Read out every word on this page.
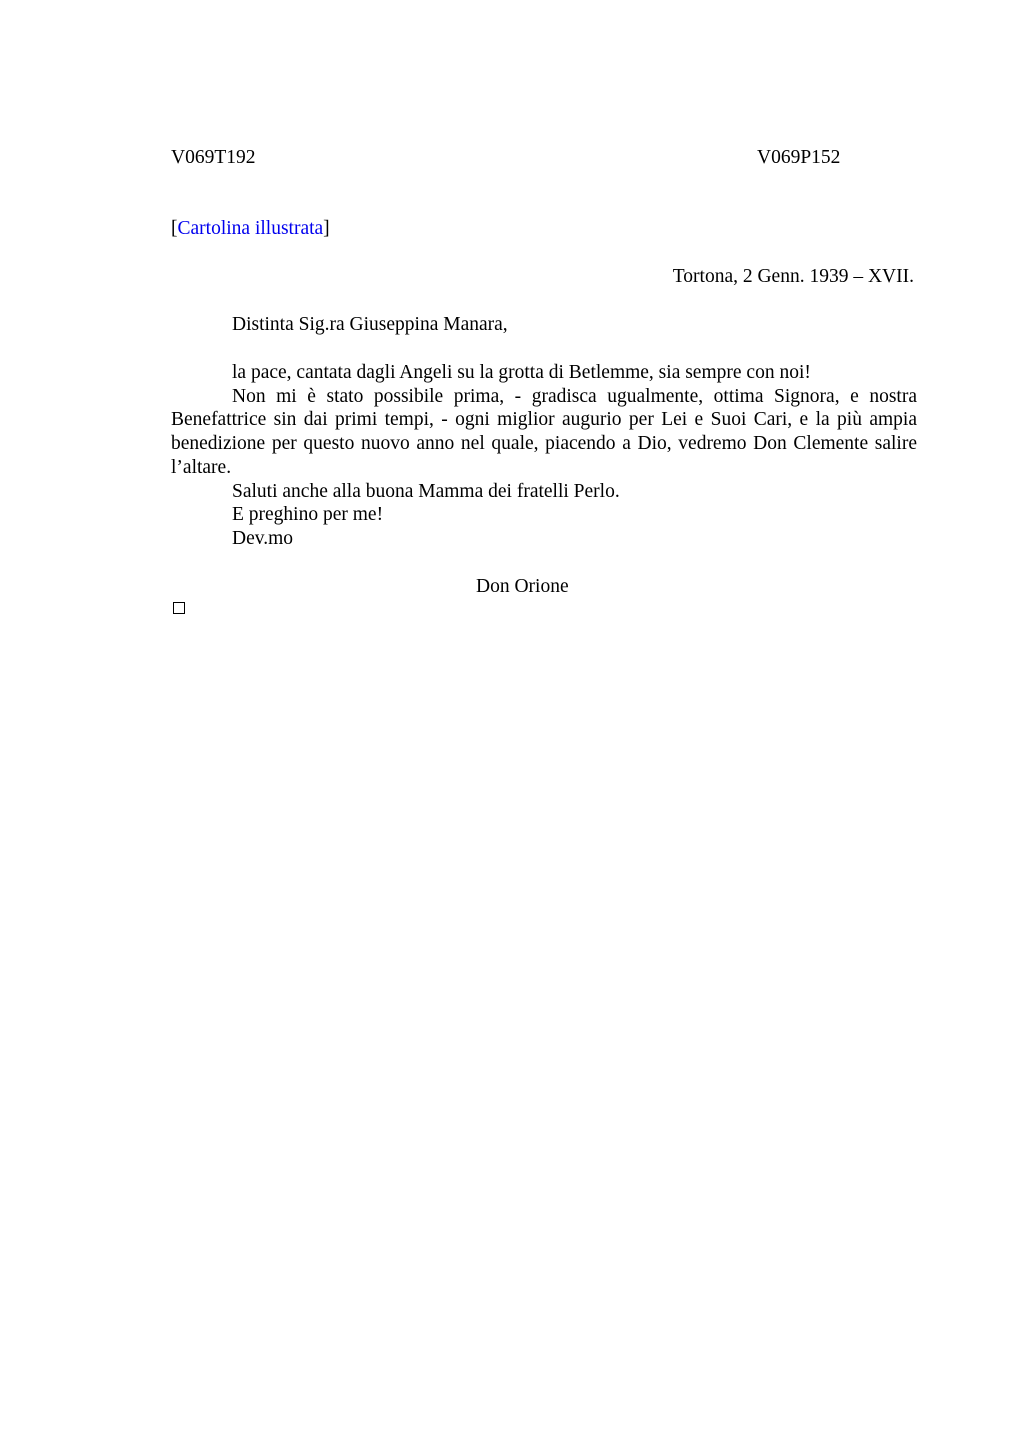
V069T192	V069P152
[Cartolina illustrata]
Tortona, 2 Genn. 1939 – XVII.
Distinta Sig.ra Giuseppina Manara,

la pace, cantata dagli Angeli su la grotta di Betlemme, sia sempre con noi!

Non mi è stato possibile prima, - gradisca ugualmente, ottima Signora, e nostra Benefattrice sin dai primi tempi, - ogni miglior augurio per Lei e Suoi Cari, e la più ampia benedizione per questo nuovo anno nel quale, piacendo a Dio, vedremo Don Clemente salire l’altare.

Saluti anche alla buona Mamma dei fratelli Perlo.

E preghino per me!

Dev.mo

Don Orione
